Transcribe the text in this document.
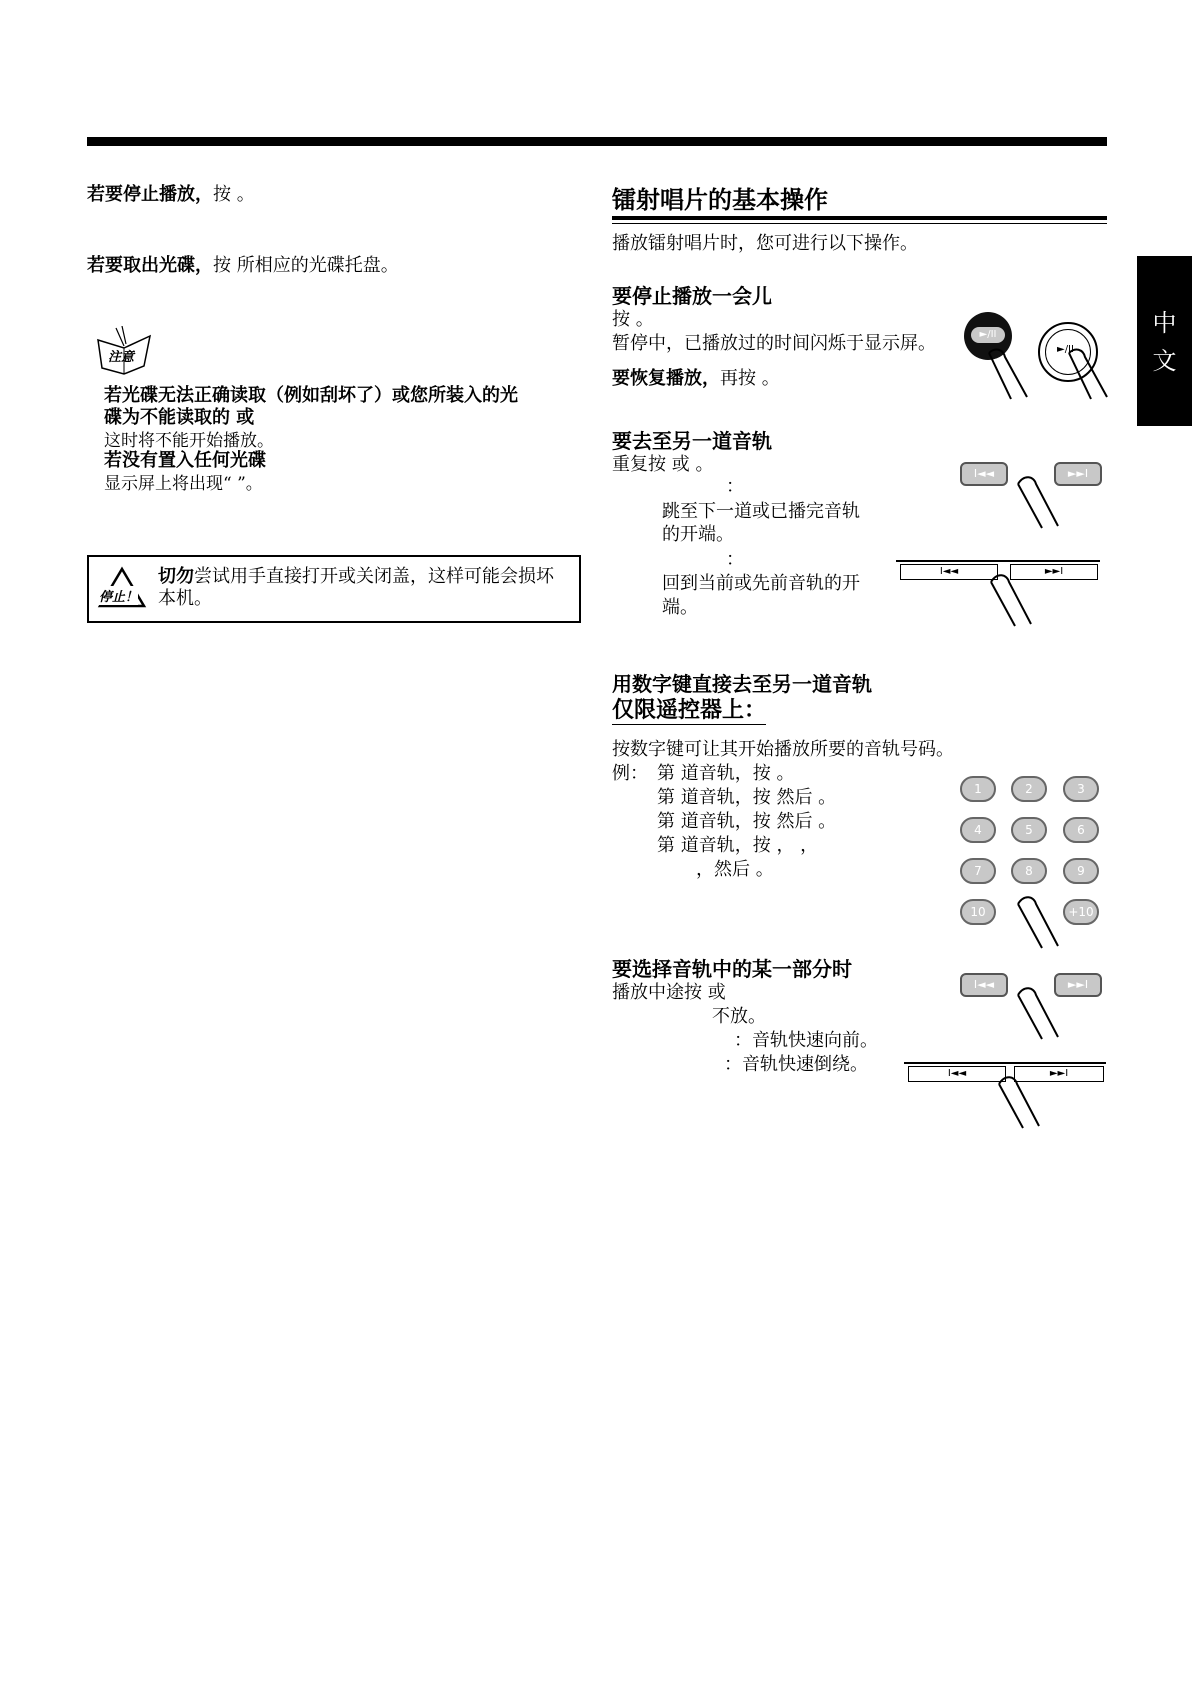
若要停止播放，按 。
若要取出光碟，按 所相应的光碟托盘。
注意
若光碟无法正确读取（例如刮坏了）或您所装入的光
碟为不能读取的 或
这时将不能开始播放。
若没有置入任何光碟
显示屏上将出现“ ”。
停止！
切勿尝试用手直接打开或关闭盖，这样可能会损坏
本机。
镭射唱片的基本操作
播放镭射唱片时，您可进行以下操作。
要停止播放一会儿
按 。
暂停中，已播放过的时间闪烁于显示屏。
要恢复播放，再按 。
►/II
►/II
要去至另一道音轨
重复按 或 。
：
跳至下一道或已播完音轨
的开端。
：
回到当前或先前音轨的开
端。
I◄◄	►►I
I◄◄	►►I
用数字键直接去至另一道音轨
仅限遥控器上：
按数字键可让其开始播放所要的音轨号码。
例： 第 道音轨，按 。
第 道音轨，按 然后 。
第 道音轨，按 然后 。
第 道音轨，按 ， ，
，然后 。
1	2	3
4	5	6
7	8	9
10	+10
要选择音轨中的某一部分时
播放中途按 或
不放。
：音轨快速向前。
：音轨快速倒绕。
I◄◄	►►I
I◄◄	►►I
中
文
